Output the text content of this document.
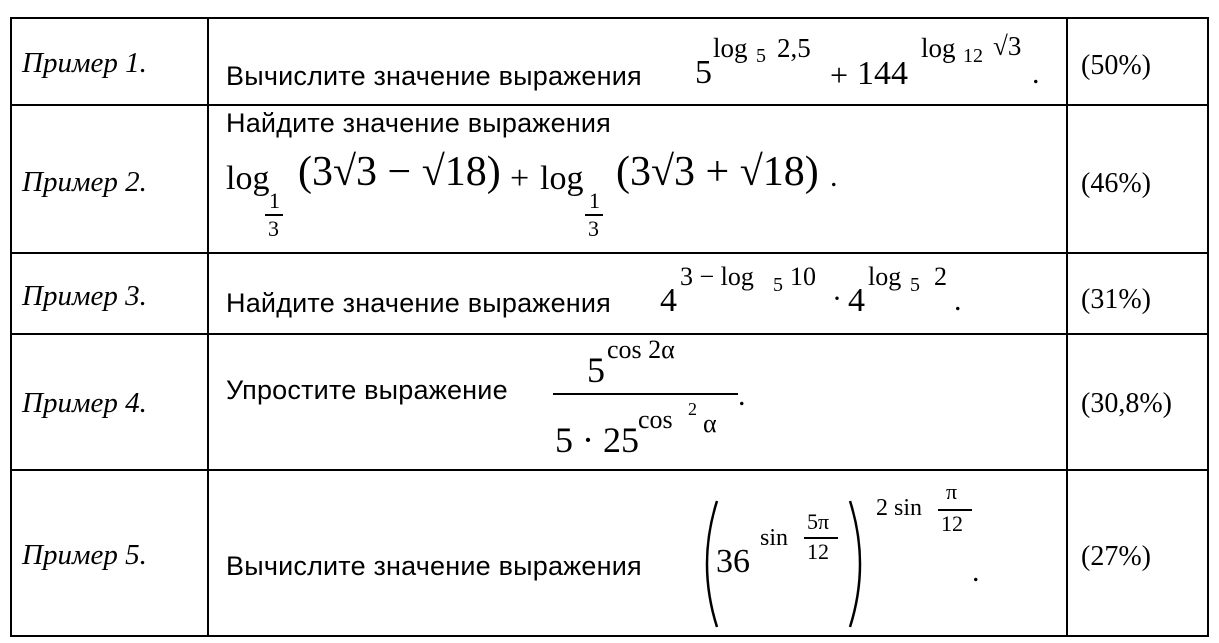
Пример 1.	Вычислите значение выражения 5
log 5 2,5
+ 144
log 12 √3
. (50%)
Пример 2.
Найдите значение выражения
log
1
3
(3√3 − √18) + log
1
3
(3√3 + √18) .	(46%)
Пример 3.	Найдите значение выражения 4
3 − log 5 10
· 4
log 5 2
.	(31%)
Пример 4.	Упростите выражение 5
cos 2α
5 · 25
cos 2 α
.	(30,8%)
Пример 5.	Вычислите значение выражения 36
sin
5π
12
2 sin
π
12
.	(27%)
